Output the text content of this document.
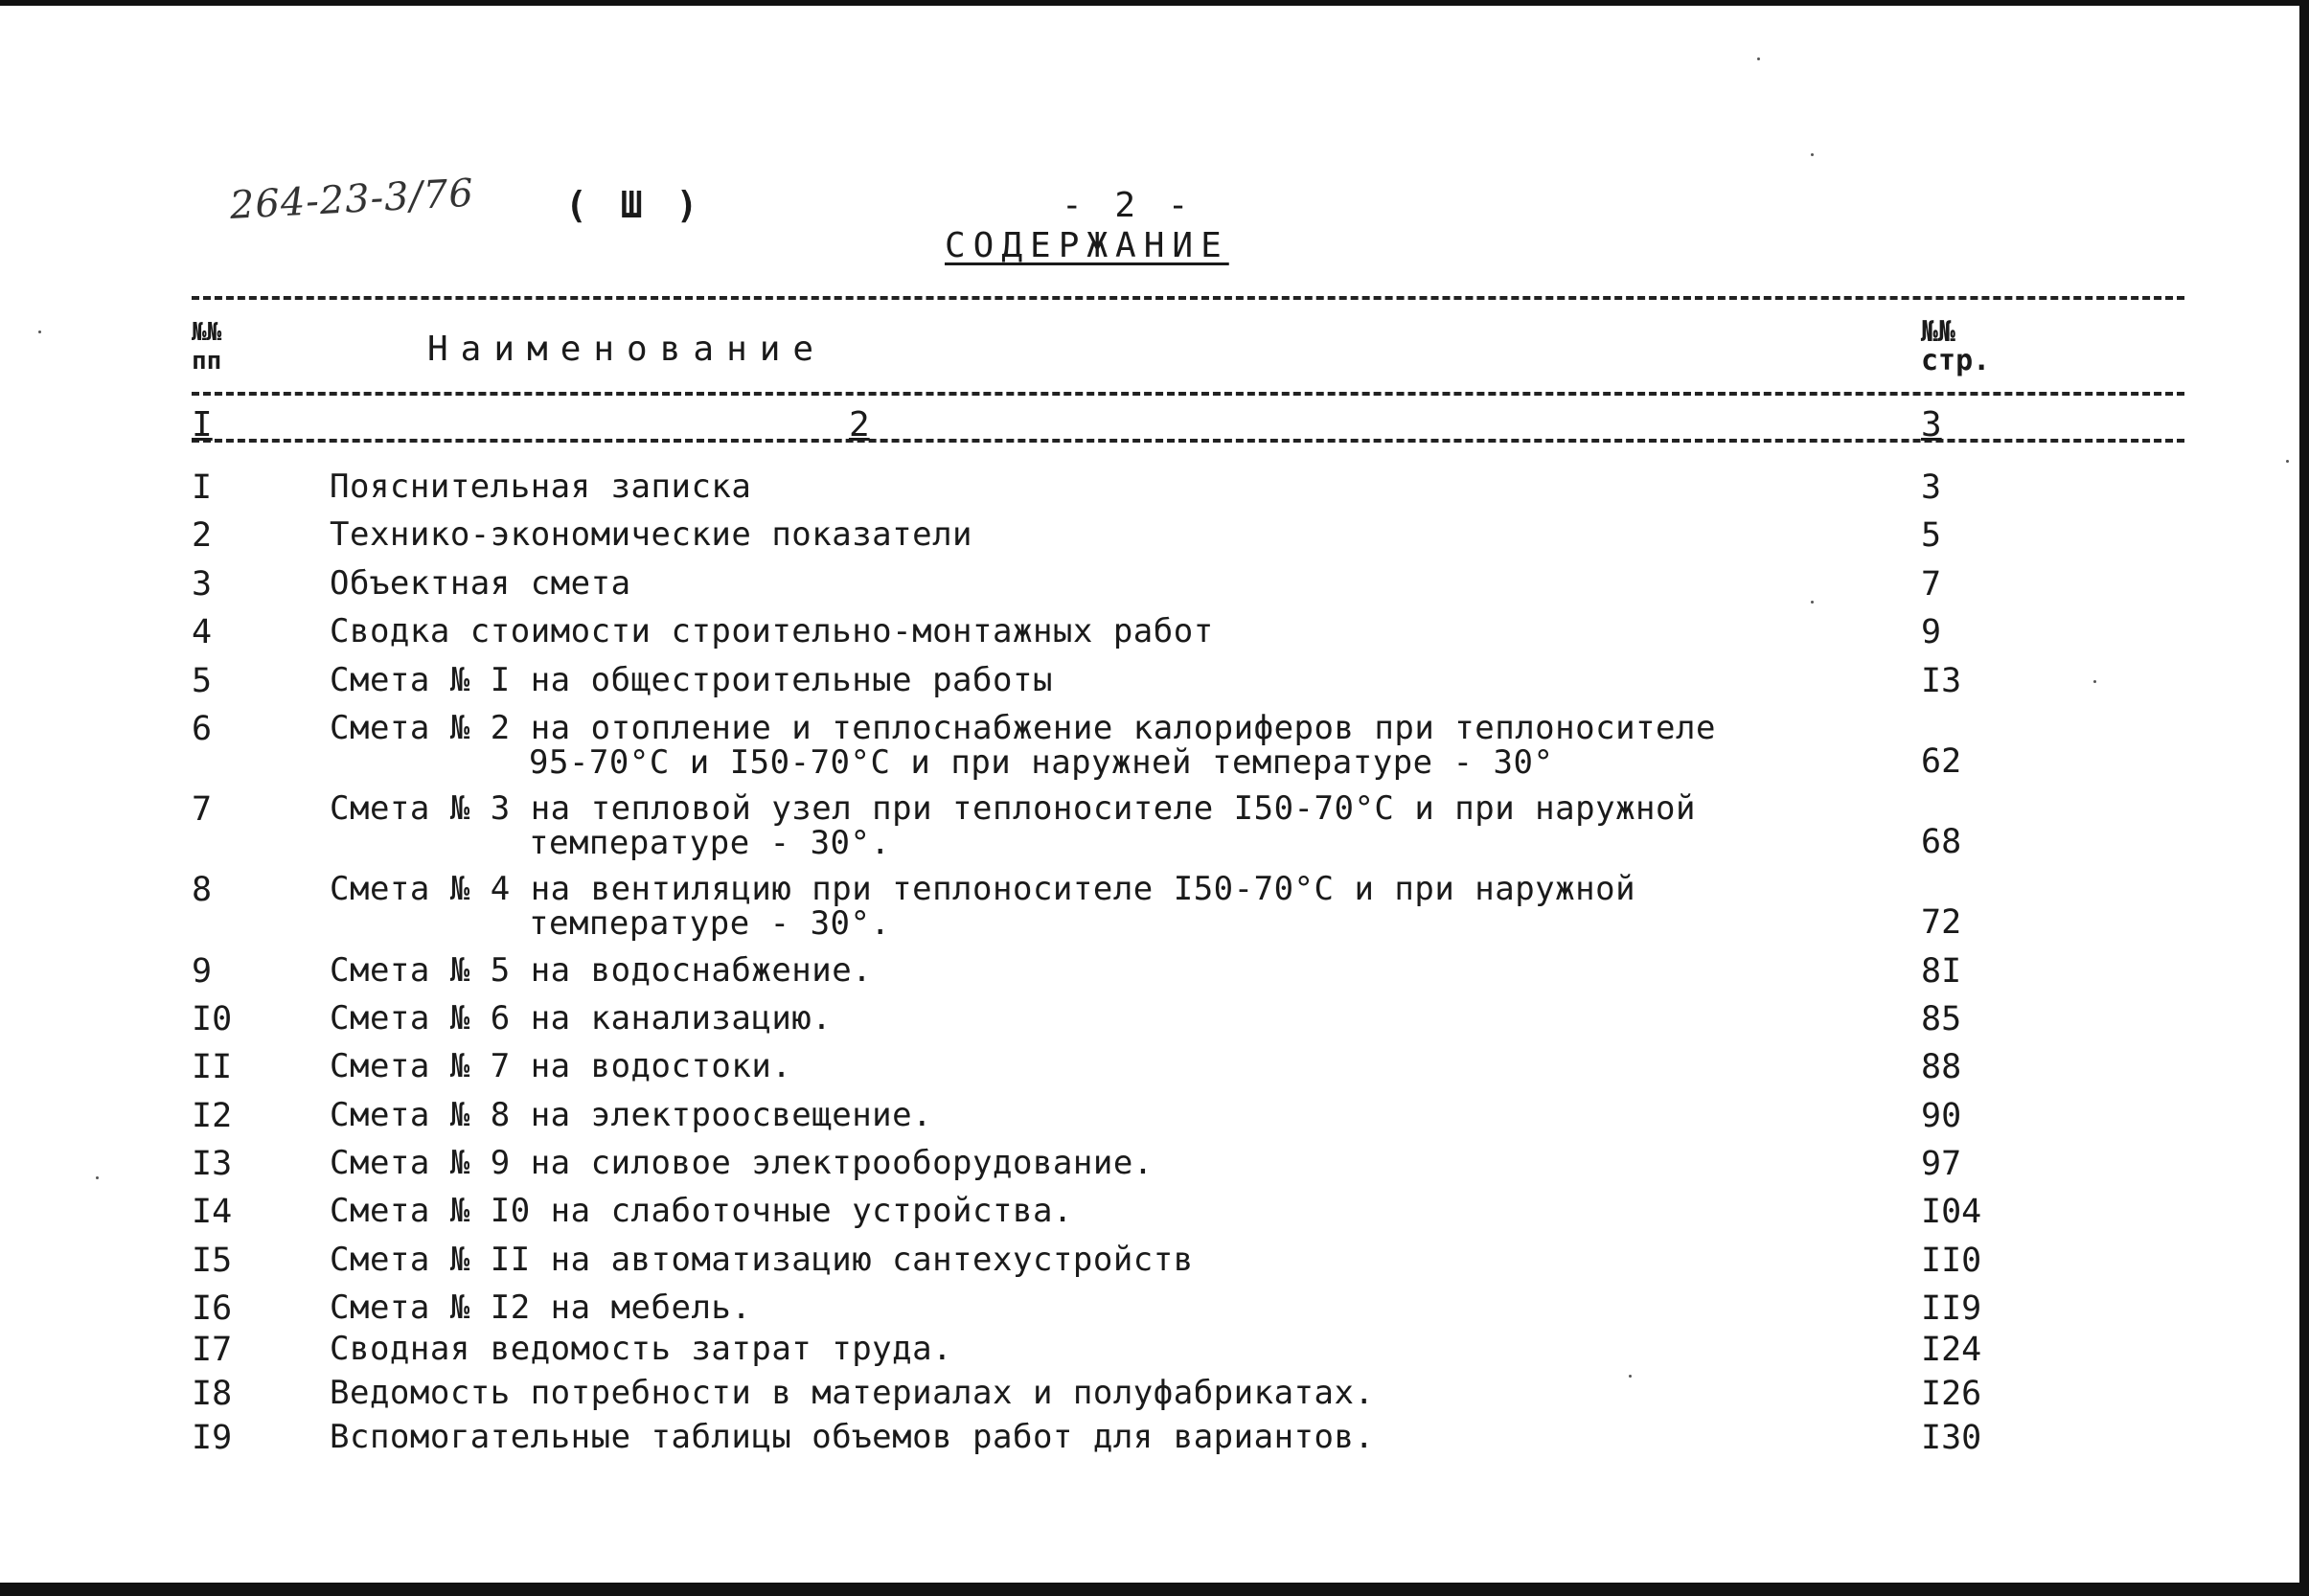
264-23-3/76 ( Ш )	- 2 -
СОДЕРЖАНИЕ
№№
пп	Наименование	№№
стр.
I	2	3
I	Пояснительная записка	3
2	Технико-экономические показатели	5
3	Объектная смета	7
4	Сводка стоимости строительно-монтажных работ	9
5	Смета № I на общестроительные работы	I3
6	Смета № 2 на отопление и теплоснабжение калориферов при теплоносителе
95-70°С и I50-70°С и при наружней температуре - 30°	62
7	Смета № 3 на тепловой узел при теплоносителе I50-70°С и при наружной
температуре - 30°.	68
8	Смета № 4 на вентиляцию при теплоносителе I50-70°С и при наружной
температуре - 30°.	72
9	Смета № 5 на водоснабжение.	8I
I0	Смета № 6 на канализацию.	85
II	Смета № 7 на водостоки.	88
I2	Смета № 8 на электроосвещение.	90
I3	Смета № 9 на силовое электрооборудование.	97
I4	Смета № I0 на слаботочные устройства.	I04
I5	Смета № II на автоматизацию сантехустройств	II0
I6	Смета № I2 на мебель.	II9
I7	Сводная ведомость затрат труда.	I24
I8	Ведомость потребности в материалах и полуфабрикатах.	I26
I9	Вспомогательные таблицы объемов работ для вариантов.	I30
